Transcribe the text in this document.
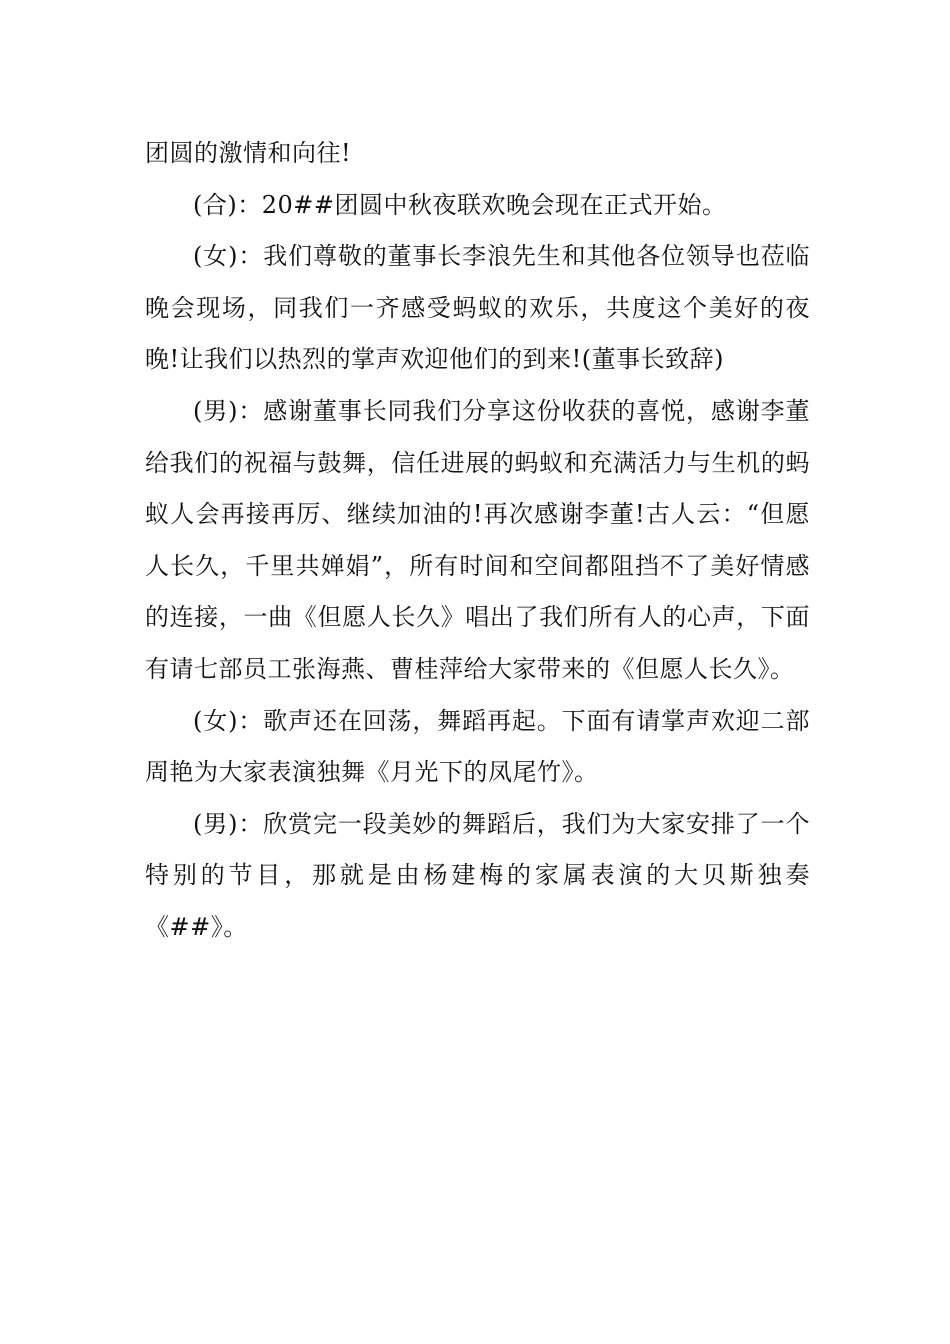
团圆的激情和向往!

(合)：20##团圆中秋夜联欢晚会现在正式开始。

(女)：我们尊敬的董事长李浪先生和其他各位领导也莅临晚会现场，同我们一齐感受蚂蚁的欢乐，共度这个美好的夜晚!让我们以热烈的掌声欢迎他们的到来!(董事长致辞)

(男)：感谢董事长同我们分享这份收获的喜悦，感谢李董给我们的祝福与鼓舞，信任进展的蚂蚁和充满活力与生机的蚂蚁人会再接再厉、继续加油的!再次感谢李董!古人云：“但愿人长久，千里共婵娟”，所有时间和空间都阻挡不了美好情感的连接，一曲《但愿人长久》唱出了我们所有人的心声，下面有请七部员工张海燕、曹桂萍给大家带来的《但愿人长久》。

(女)：歌声还在回荡，舞蹈再起。下面有请掌声欢迎二部周艳为大家表演独舞《月光下的凤尾竹》。

(男)：欣赏完一段美妙的舞蹈后，我们为大家安排了一个特别的节目，那就是由杨建梅的家属表演的大贝斯独奏《##》。
